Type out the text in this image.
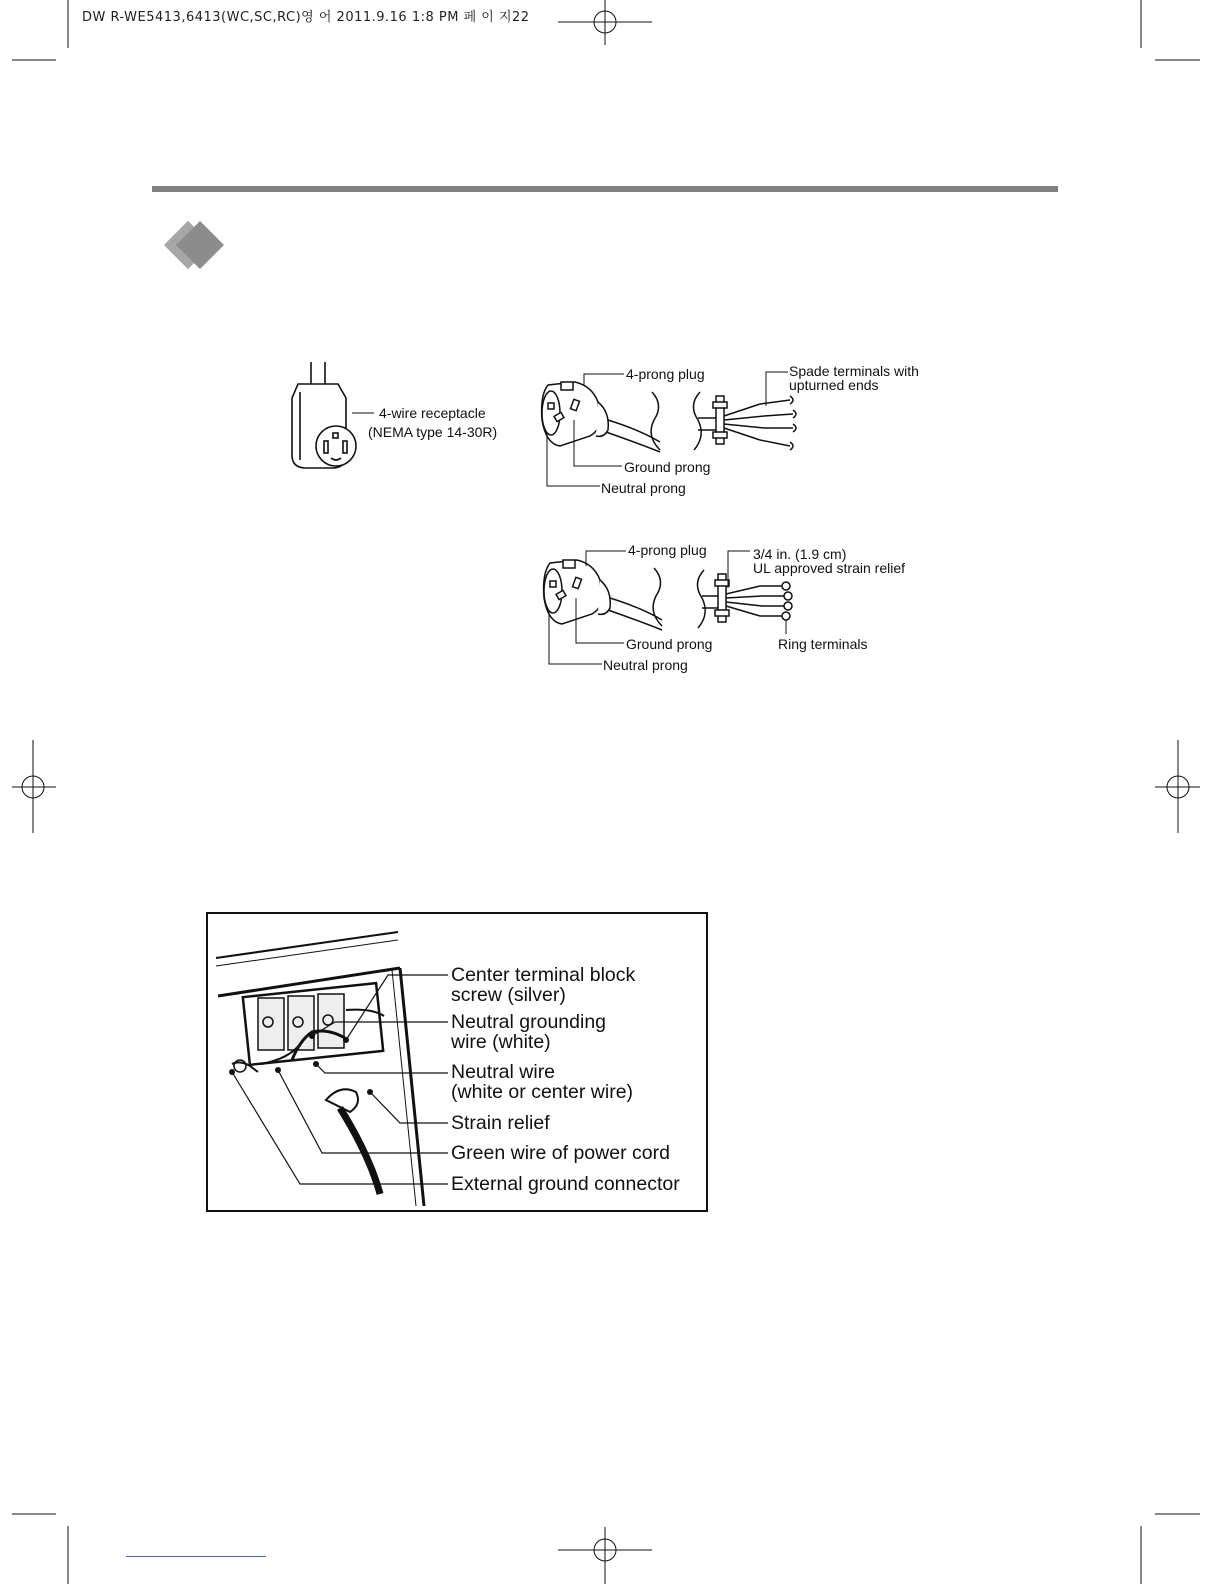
DW R-WE5413,6413(WC,SC,RC)영 어 2011.9.16 1:8 PM 페 이 지22
4-wire receptacle
(NEMA type 14-30R)
4-prong plug	Spade terminals with
upturned ends
Ground prong
Neutral prong
4-prong plug	3/4 in. (1.9 cm)
UL approved strain relief
Ring terminals
Ground prong
Neutral prong
Center terminal block
screw (silver)
Neutral grounding
wire (white)
Neutral wire
(white or center wire)
Strain relief
Green wire of power cord
External ground connector
